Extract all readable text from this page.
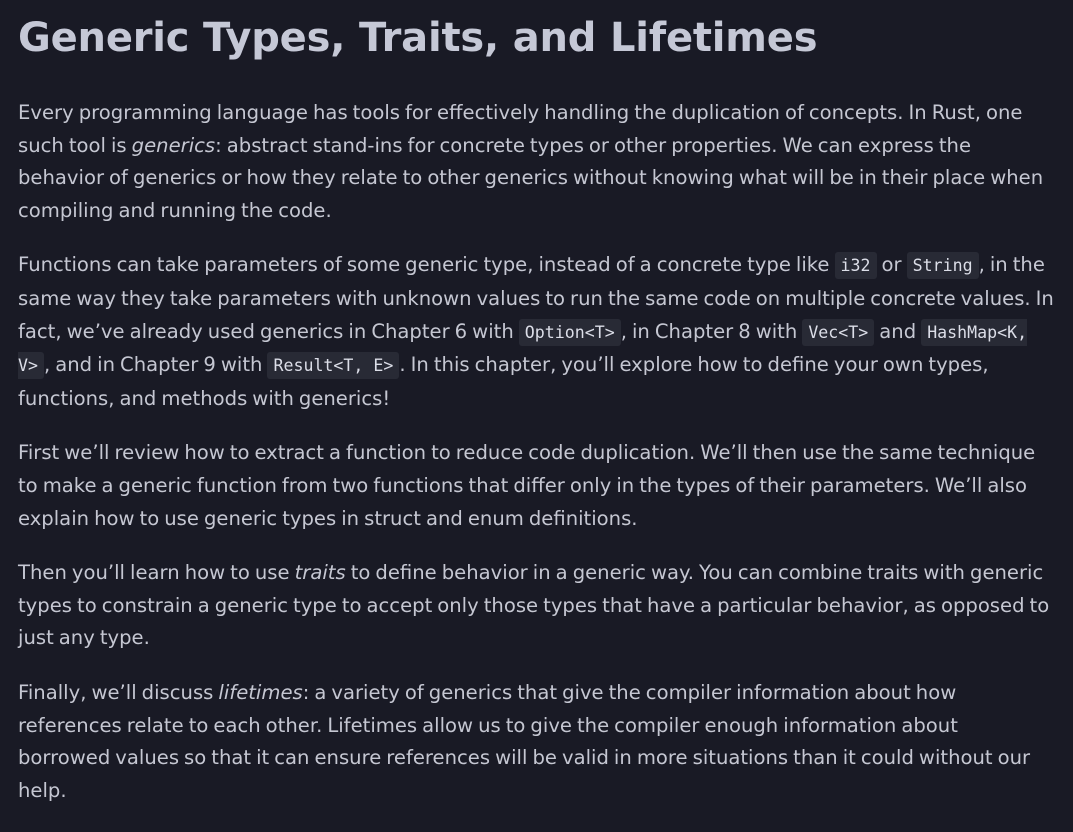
Generic Types, Traits, and Lifetimes

Every programming language has tools for effectively handling the duplication of concepts. In Rust, one such tool is generics: abstract stand-ins for concrete types or other properties. We can express the behavior of generics or how they relate to other generics without knowing what will be in their place when compiling and running the code.

Functions can take parameters of some generic type, instead of a concrete type like i32 or String , in the same way they take parameters with unknown values to run the same code on multiple concrete values. In fact, we’ve already used generics in Chapter 6 with Option<T> , in Chapter 8 with Vec<T> and HashMap<K, V> , and in Chapter 9 with Result<T, E> . In this chapter, you’ll explore how to define your own types, functions, and methods with generics!

First we’ll review how to extract a function to reduce code duplication. We’ll then use the same technique to make a generic function from two functions that differ only in the types of their parameters. We’ll also explain how to use generic types in struct and enum definitions.

Then you’ll learn how to use traits to define behavior in a generic way. You can combine traits with generic types to constrain a generic type to accept only those types that have a particular behavior, as opposed to just any type.

Finally, we’ll discuss lifetimes: a variety of generics that give the compiler information about how references relate to each other. Lifetimes allow us to give the compiler enough information about borrowed values so that it can ensure references will be valid in more situations than it could without our help.
